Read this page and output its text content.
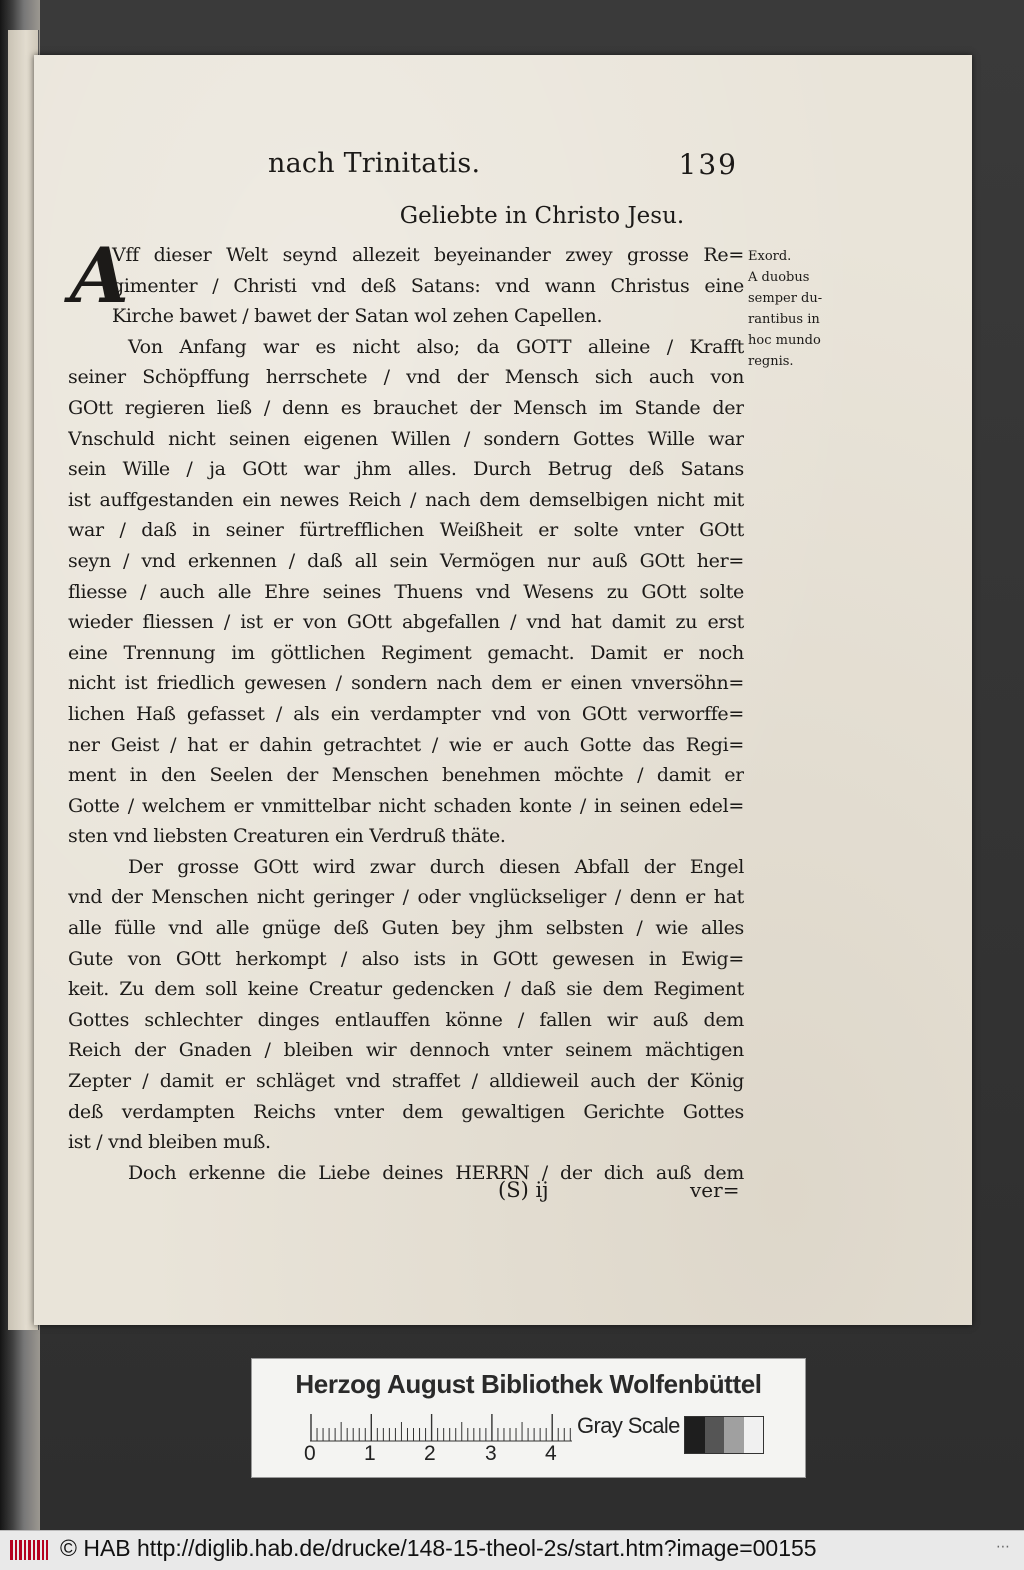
nach Trinitatis.	139
Geliebte in Christo Jesu.
A
Vff dieser Welt seynd allezeit beyeinander zwey grosse Re=
gimenter / Christi vnd deß Satans: vnd wann Christus eine
Kirche bawet / bawet der Satan wol zehen Capellen.
Von Anfang war es nicht also; da GOTT alleine / Krafft
seiner Schöpffung herrschete / vnd der Mensch sich auch von
GOtt regieren ließ / denn es brauchet der Mensch im Stande der
Vnschuld nicht seinen eigenen Willen / sondern Gottes Wille war
sein Wille / ja GOtt war jhm alles. Durch Betrug deß Satans
ist auffgestanden ein newes Reich / nach dem demselbigen nicht mit
war / daß in seiner fürtrefflichen Weißheit er solte vnter GOtt
seyn / vnd erkennen / daß all sein Vermögen nur auß GOtt her=
fliesse / auch alle Ehre seines Thuens vnd Wesens zu GOtt solte
wieder fliessen / ist er von GOtt abgefallen / vnd hat damit zu erst
eine Trennung im göttlichen Regiment gemacht. Damit er noch
nicht ist friedlich gewesen / sondern nach dem er einen vnversöhn=
lichen Haß gefasset / als ein verdampter vnd von GOtt verworffe=
ner Geist / hat er dahin getrachtet / wie er auch Gotte das Regi=
ment in den Seelen der Menschen benehmen möchte / damit er
Gotte / welchem er vnmittelbar nicht schaden konte / in seinen edel=
sten vnd liebsten Creaturen ein Verdruß thäte.
Der grosse GOtt wird zwar durch diesen Abfall der Engel
vnd der Menschen nicht geringer / oder vnglückseliger / denn er hat
alle fülle vnd alle gnüge deß Guten bey jhm selbsten / wie alles
Gute von GOtt herkompt / also ists in GOtt gewesen in Ewig=
keit. Zu dem soll keine Creatur gedencken / daß sie dem Regiment
Gottes schlechter dinges entlauffen könne / fallen wir auß dem
Reich der Gnaden / bleiben wir dennoch vnter seinem mächtigen
Zepter / damit er schläget vnd straffet / alldieweil auch der König
deß verdampten Reichs vnter dem gewaltigen Gerichte Gottes
ist / vnd bleiben muß.
Doch erkenne die Liebe deines HERRN / der dich auß dem
Exord.
A duobus
semper du-
rantibus in
hoc mundo
regnis.
(S) ij	ver=
Herzog August Bibliothek Wolfenbüttel
0 1 2 3 4
Gray Scale
© HAB http://diglib.hab.de/drucke/148-15-theol-2s/start.htm?image=00155	⋯
